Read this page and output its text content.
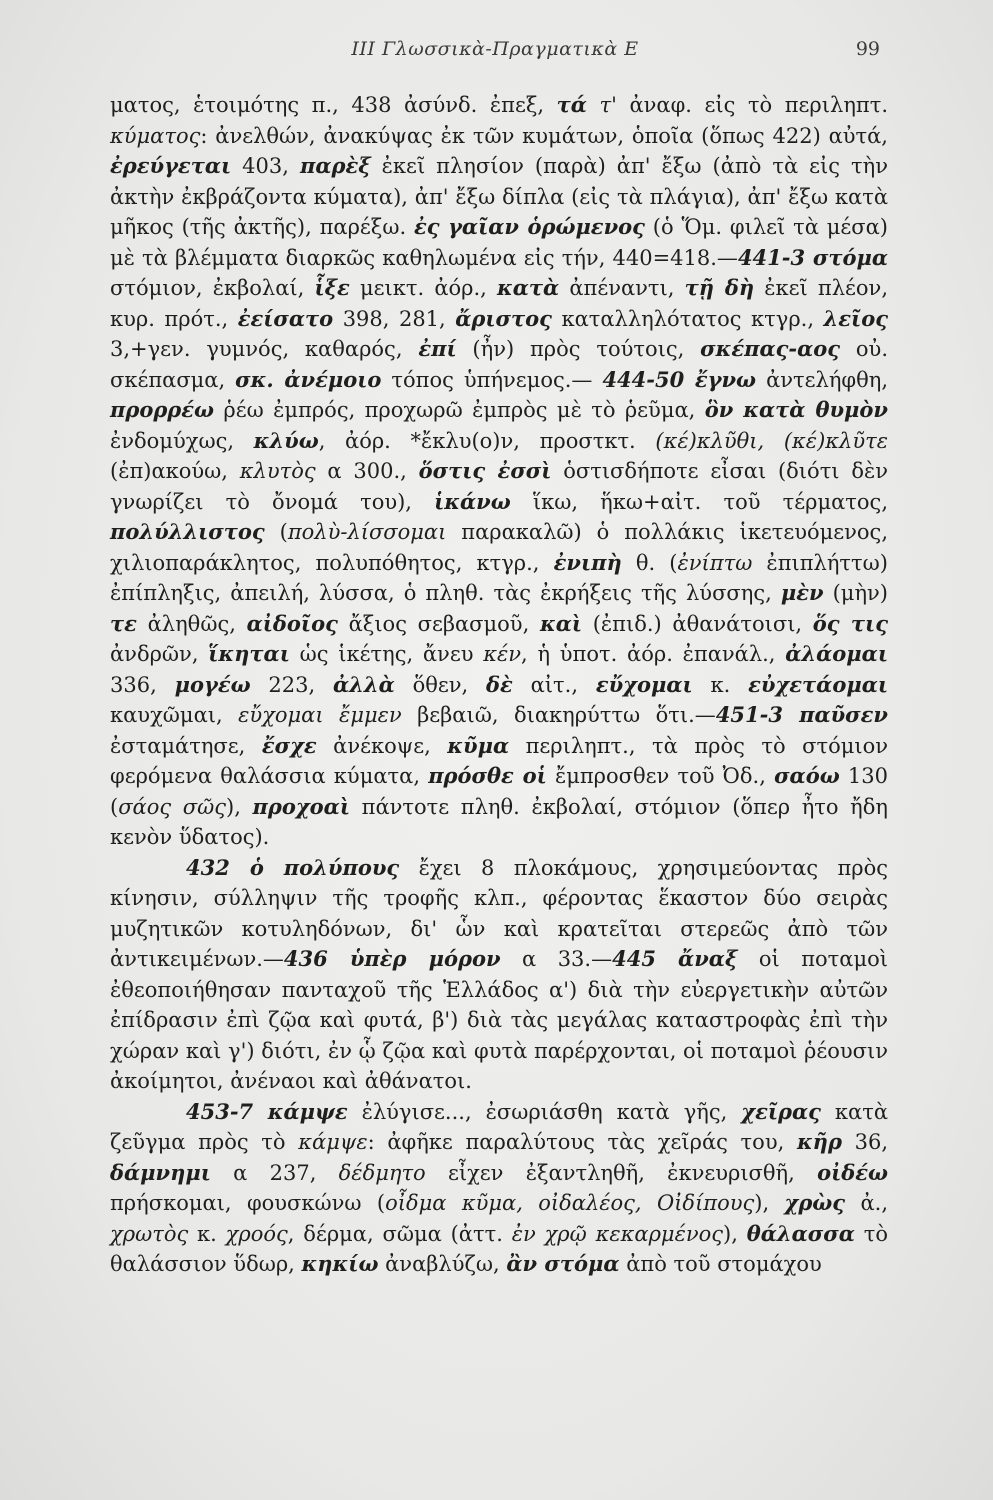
III Γλωσσικὰ-Πραγματικὰ E	99

ματος, ἑτοιμότης π., 438 ἀσύνδ. ἐπεξ, τά τ' ἀναφ. εἰς τὸ περιληπτ. κύματος: ἀνελθών, ἀνακύψας ἐκ τῶν κυμάτων, ὁποῖα (ὅπως 422) αὐτά, ἐρεύγεται 403, παρὲξ ἐκεῖ πλησίον (παρὰ) ἀπ' ἔξω (ἀπὸ τὰ εἰς τὴν ἀκτὴν ἐκβράζοντα κύματα), ἀπ' ἔξω δίπλα (εἰς τὰ πλάγια), ἀπ' ἔξω κατὰ μῆκος (τῆς ἀκτῆς), παρέξω. ἐς γαῖαν ὁρώμενος (ὁ Ὅμ. φιλεῖ τὰ μέσα) μὲ τὰ βλέμματα διαρκῶς καθηλωμένα εἰς τήν, 440=418.—441-3 στόμα στόμιον, ἐκβολαί, ἷξε μεικτ. ἀόρ., κατὰ ἀπέναντι, τῇ δὴ ἐκεῖ πλέον, κυρ. πρότ., ἐείσατο 398, 281, ἄριστος καταλληλότατος κτγρ., λεῖος 3,+γεν. γυμνός, καθαρός, ἐπί (ἦν) πρὸς τούτοις, σκέπας-αος οὐ. σκέπασμα, σκ. ἀνέμοιο τόπος ὑπήνεμος.— 444-50 ἔγνω ἀντελήφθη, προρρέω ῥέω ἐμπρός, προχωρῶ ἐμπρὸς μὲ τὸ ῥεῦμα, ὃν κατὰ θυμὸν ἐνδομύχως, κλύω, ἀόρ. *ἔκλυ(ο)ν, προστκτ. (κέ)κλῦθι, (κέ)κλῦτε (ἐπ)ακούω, κλυτὸς α 300., ὅστις ἐσσὶ ὁστισδήποτε εἶσαι (διότι δὲν γνωρίζει τὸ ὄνομά του), ἱκάνω ἵκω, ἥκω+αἰτ. τοῦ τέρματος, πολύλλιστος (πολὺ-λίσσομαι παρακαλῶ) ὁ πολλάκις ἱκετευόμενος, χιλιοπαράκλητος, πολυπόθητος, κτγρ., ἐνιπὴ θ. (ἐνίπτω ἐπιπλήττω) ἐπίπληξις, ἀπειλή, λύσσα, ὁ πληθ. τὰς ἐκρήξεις τῆς λύσσης, μὲν (μὴν) τε ἀληθῶς, αἰδοῖος ἄξιος σεβασμοῦ, καὶ (ἐπιδ.) ἀθανάτοισι, ὅς τις ἀνδρῶν, ἵκηται ὡς ἱκέτης, ἄνευ κέν, ἡ ὑποτ. ἀόρ. ἐπανάλ., ἀλάομαι 336, μογέω 223, ἀλλὰ ὅθεν, δὲ αἰτ., εὔχομαι κ. εὐχετάομαι καυχῶμαι, εὔχομαι ἔμμεν βεβαιῶ, διακηρύττω ὅτι.—451-3 παῦσεν ἐσταμάτησε, ἔσχε ἀνέκοψε, κῦμα περιληπτ., τὰ πρὸς τὸ στόμιον φερόμενα θαλάσσια κύματα, πρόσθε οἱ ἔμπροσθεν τοῦ Ὀδ., σαόω 130 (σάος σῶς), προχοαὶ πάντοτε πληθ. ἐκβολαί, στόμιον (ὅπερ ἦτο ἤδη κενὸν ὕδατος).

432 ὁ πολύπους ἔχει 8 πλοκάμους, χρησιμεύοντας πρὸς κίνησιν, σύλληψιν τῆς τροφῆς κλπ., φέροντας ἕκαστον δύο σειρὰς μυζητικῶν κοτυληδόνων, δι' ὧν καὶ κρατεῖται στερεῶς ἀπὸ τῶν ἀντικειμένων.—436 ὑπὲρ μόρον α 33.—445 ἄναξ οἱ ποταμοὶ ἐθεοποιήθησαν πανταχοῦ τῆς Ἑλλάδος α') διὰ τὴν εὐεργετικὴν αὐτῶν ἐπίδρασιν ἐπὶ ζῷα καὶ φυτά, β') διὰ τὰς μεγάλας καταστροφὰς ἐπὶ τὴν χώραν καὶ γ') διότι, ἐν ᾧ ζῷα καὶ φυτὰ παρέρχονται, οἱ ποταμοὶ ῥέουσιν ἀκοίμητοι, ἀνέναοι καὶ ἀθάνατοι.

453-7 κάμψε ἐλύγισε..., ἐσωριάσθη κατὰ γῆς, χεῖρας κατὰ ζεῦγμα πρὸς τὸ κάμψε: ἀφῆκε παραλύτους τὰς χεῖράς του, κῆρ 36, δάμνημι α 237, δέδμητο εἶχεν ἐξαντληθῆ, ἐκνευρισθῆ, οἰδέω πρήσκομαι, φουσκώνω (οἶδμα κῦμα, οἰδαλέος, Οἰδίπους), χρὼς ἀ., χρωτὸς κ. χροός, δέρμα, σῶμα (ἀττ. ἐν χρῷ κεκαρμένος), θάλασσα τὸ θαλάσσιον ὕδωρ, κηκίω ἀναβλύζω, ἂν στόμα ἀπὸ τοῦ στομάχου
